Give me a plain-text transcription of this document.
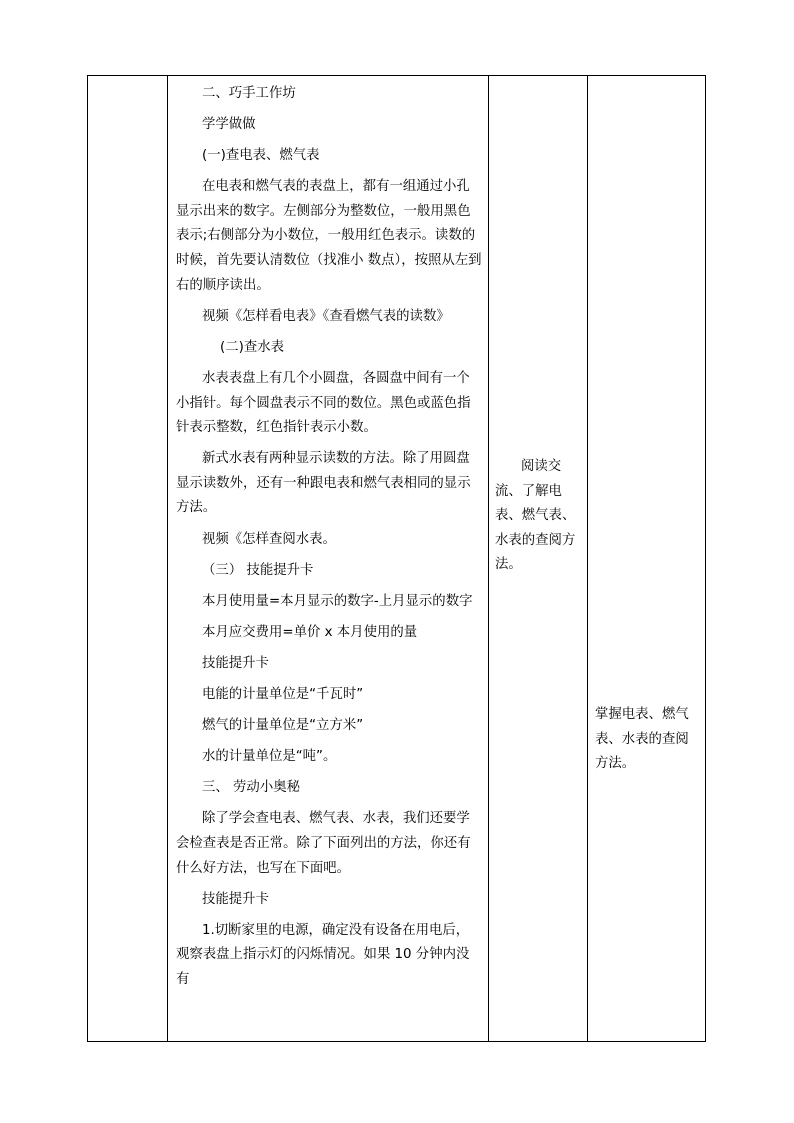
二、巧手工作坊

学学做做

(一)查电表、燃气表

在电表和燃气表的表盘上，都有一组通过小孔显示出来的数字。左侧部分为整数位，一般用黑色表示;右侧部分为小数位，一般用红色表示。读数的时候，首先要认清数位（找准小 数点），按照从左到右的顺序读出。

视频《怎样看电表》《查看燃气表的读数》

(二)查水表

水表表盘上有几个小圆盘，各圆盘中间有一个小指针。每个圆盘表示不同的数位。黑色或蓝色指针表示整数，红色指针表示小数。

新式水表有两种显示读数的方法。除了用圆盘显示读数外，还有一种跟电表和燃气表相同的显示方法。

视频《怎样查阅水表。

（三） 技能提升卡

本月使用量=本月显示的数字-上月显示的数字

本月应交费用=单价 x 本月使用的量

技能提升卡

电能的计量单位是“千瓦时”

燃气的计量单位是“立方米”

水的计量单位是“吨”。

三、 劳动小奥秘

除了学会查电表、燃气表、水表，我们还要学会检查表是否正常。除了下面列出的方法，你还有什么好方法，也写在下面吧。

技能提升卡

1.切断家里的电源，确定没有设备在用电后，观察表盘上指示灯的闪烁情况。如果 10 分钟内没有

阅读交流、了解电表、燃气表、水表的查阅方法。
掌握电表、燃气表、水表的查阅方法。
